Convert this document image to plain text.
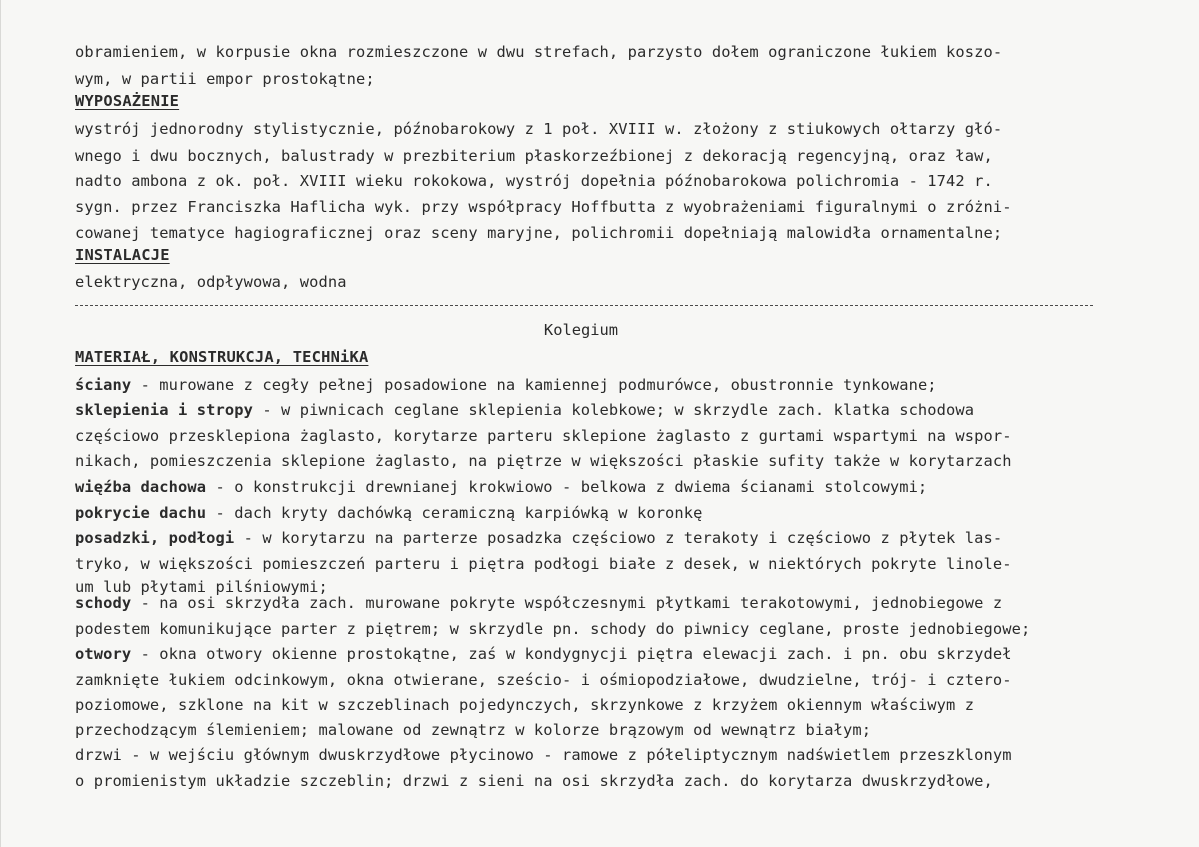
obramieniem, w korpusie okna rozmieszczone w dwu strefach, parzysto dołem ograniczone łukiem koszo-
wym, w partii empor prostokątne;
WYPOSAŻENIE
wystrój jednorodny stylistycznie, późnobarokowy z 1 poł. XVIII w. złożony z stiukowych ołtarzy głó-
wnego i dwu bocznych, balustrady w prezbiterium płaskorzeźbionej z dekoracją regencyjną, oraz ław,
nadto ambona z ok. poł. XVIII wieku rokokowa, wystrój dopełnia późnobarokowa polichromia - 1742 r.
sygn. przez Franciszka Haflicha wyk. przy współpracy Hoffbutta z wyobrażeniami figuralnymi o zróżni-
cowanej tematyce hagiograficznej oraz sceny maryjne, polichromii dopełniają malowidła ornamentalne;
INSTALACJE
elektryczna, odpływowa, wodna
Kolegium
MATERIAŁ, KONSTRUKCJA, TECHNiKA
ściany - murowane z cegły pełnej posadowione na kamiennej podmurówce, obustronnie tynkowane;
sklepienia i stropy - w piwnicach ceglane sklepienia kolebkowe; w skrzydle zach. klatka schodowa
częściowo przesklepiona żaglasto, korytarze parteru sklepione żaglasto z gurtami wspartymi na wspor-
nikach, pomieszczenia sklepione żaglasto, na piętrze w większości płaskie sufity także w korytarzach
więźba dachowa - o konstrukcji drewnianej krokwiowo - belkowa z dwiema ścianami stolcowymi;
pokrycie dachu - dach kryty dachówką ceramiczną karpiówką w koronkę
posadzki, podłogi - w korytarzu na parterze posadzka częściowo z terakoty i częściowo z płytek las-
tryko, w większości pomieszczeń parteru i piętra podłogi białe z desek, w niektórych pokryte linole-
um lub płytami pilśniowymi;
schody - na osi skrzydła zach. murowane pokryte współczesnymi płytkami terakotowymi, jednobiegowe z
podestem komunikujące parter z piętrem; w skrzydle pn. schody do piwnicy ceglane, proste jednobiegowe;
otwory - okna otwory okienne prostokątne, zaś w kondygnycji piętra elewacji zach. i pn. obu skrzydeł
zamknięte łukiem odcinkowym, okna otwierane, sześcio- i ośmiopodziałowe, dwudzielne, trój- i cztero-
poziomowe, szklone na kit w szczeblinach pojedynczych, skrzynkowe z krzyżem okiennym właściwym z
przechodzącym ślemieniem; malowane od zewnątrz w kolorze brązowym od wewnątrz białym;
drzwi - w wejściu głównym dwuskrzydłowe płycinowo - ramowe z półeliptycznym nadświetlem przeszklonym
o promienistym układzie szczeblin; drzwi z sieni na osi skrzydła zach. do korytarza dwuskrzydłowe,
